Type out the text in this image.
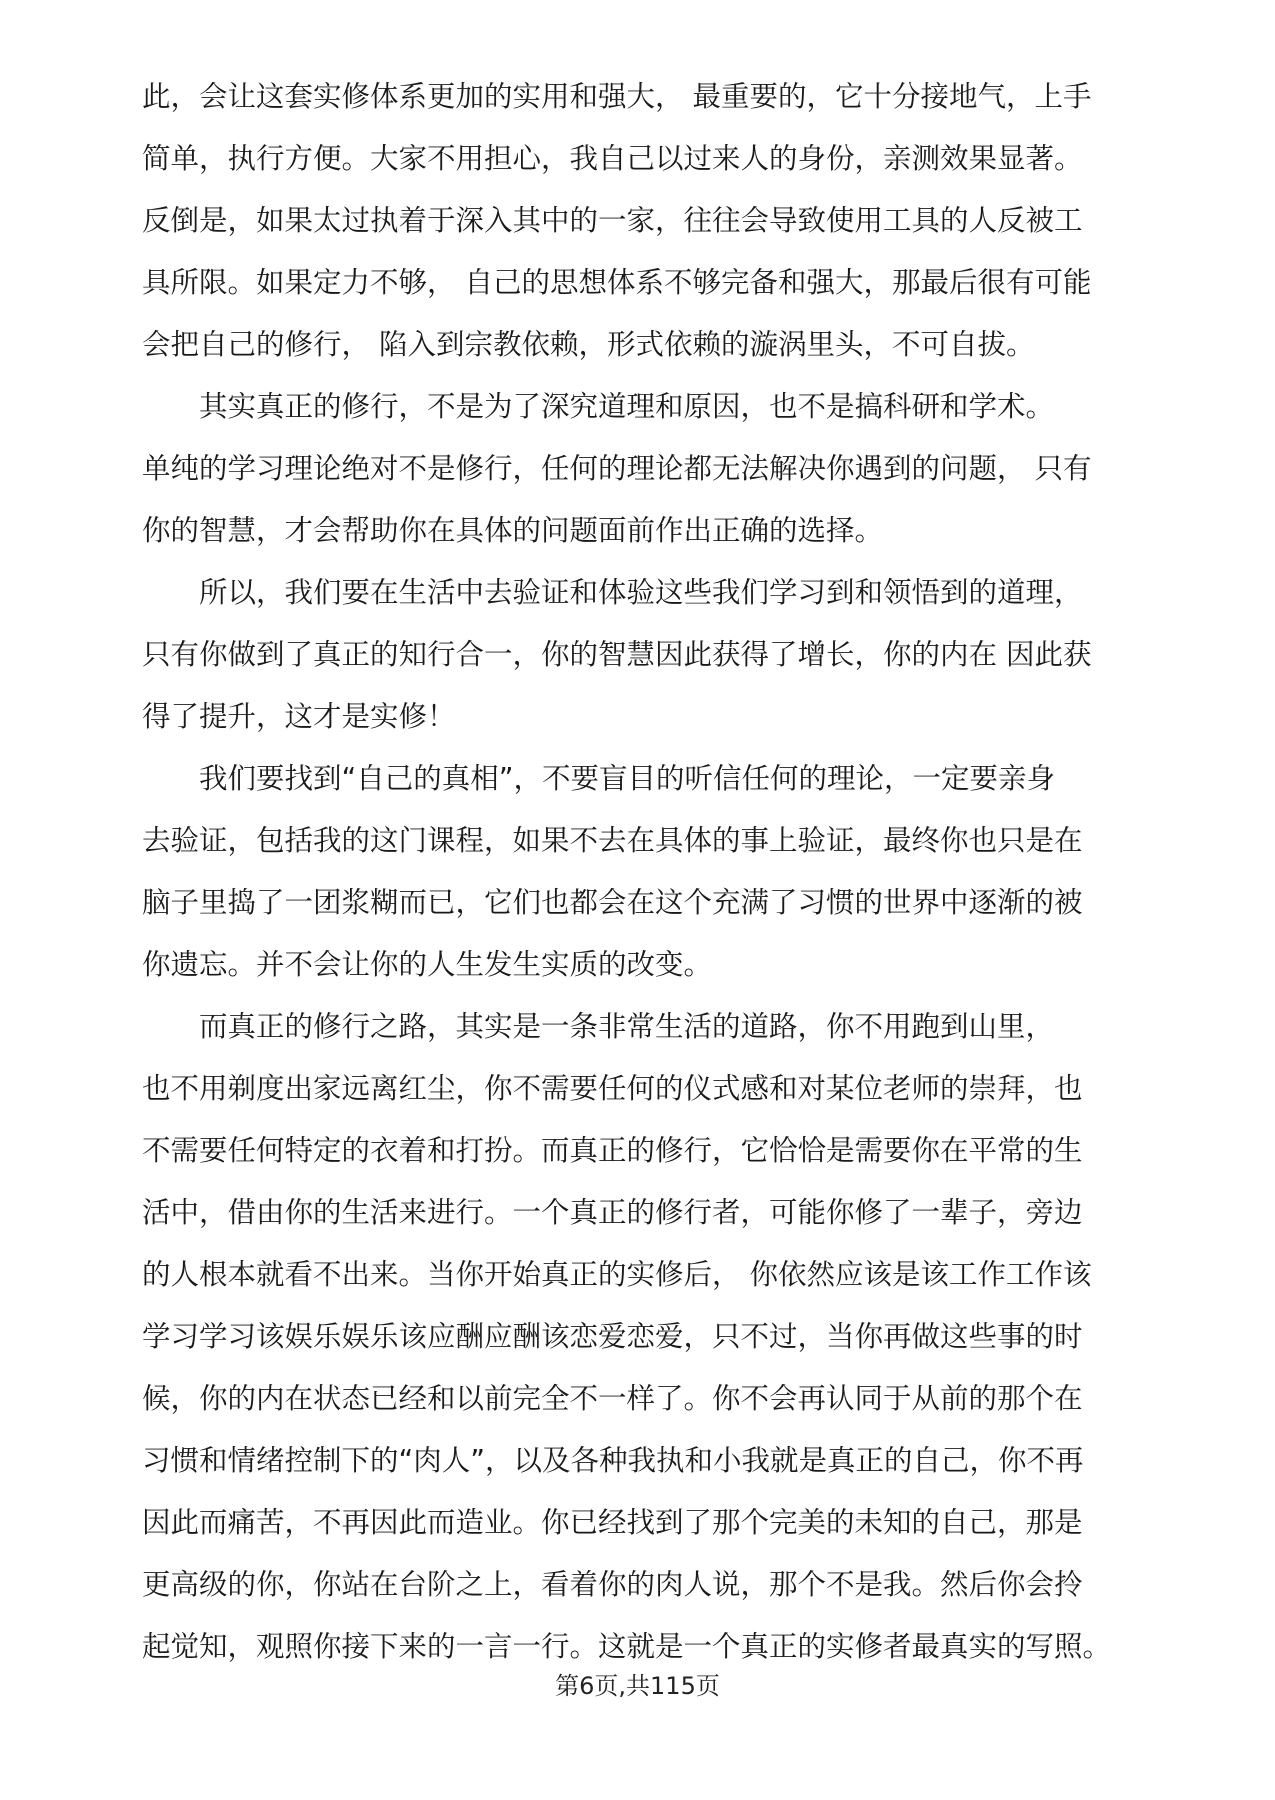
此，会让这套实修体系更加的实用和强大， 最重要的，它十分接地气，上手
简单，执行方便。大家不用担心，我自己以过来人的身份，亲测效果显著。
反倒是，如果太过执着于深入其中的一家，往往会导致使用工具的人反被工
具所限。如果定力不够， 自己的思想体系不够完备和强大，那最后很有可能
会把自己的修行， 陷入到宗教依赖，形式依赖的漩涡里头，不可自拔。
　　其实真正的修行，不是为了深究道理和原因，也不是搞科研和学术。
单纯的学习理论绝对不是修行，任何的理论都无法解决你遇到的问题， 只有
你的智慧，才会帮助你在具体的问题面前作出正确的选择。
　　所以，我们要在生活中去验证和体验这些我们学习到和领悟到的道理，
只有你做到了真正的知行合一，你的智慧因此获得了增长，你的内在 因此获
得了提升，这才是实修！
　　我们要找到“自己的真相”，不要盲目的听信任何的理论，一定要亲身
去验证，包括我的这门课程，如果不去在具体的事上验证，最终你也只是在
脑子里捣了一团浆糊而已，它们也都会在这个充满了习惯的世界中逐渐的被
你遗忘。并不会让你的人生发生实质的改变。
　　而真正的修行之路，其实是一条非常生活的道路，你不用跑到山里，
也不用剃度出家远离红尘，你不需要任何的仪式感和对某位老师的崇拜，也
不需要任何特定的衣着和打扮。而真正的修行，它恰恰是需要你在平常的生
活中，借由你的生活来进行。一个真正的修行者，可能你修了一辈子，旁边
的人根本就看不出来。当你开始真正的实修后， 你依然应该是该工作工作该
学习学习该娱乐娱乐该应酬应酬该恋爱恋爱，只不过，当你再做这些事的时
候，你的内在状态已经和以前完全不一样了。你不会再认同于从前的那个在
习惯和情绪控制下的“肉人”，以及各种我执和小我就是真正的自己，你不再
因此而痛苦，不再因此而造业。你已经找到了那个完美的未知的自己，那是
更高级的你，你站在台阶之上，看着你的肉人说，那个不是我。然后你会拎
起觉知，观照你接下来的一言一行。这就是一个真正的实修者最真实的写照。
第6页,共115页
